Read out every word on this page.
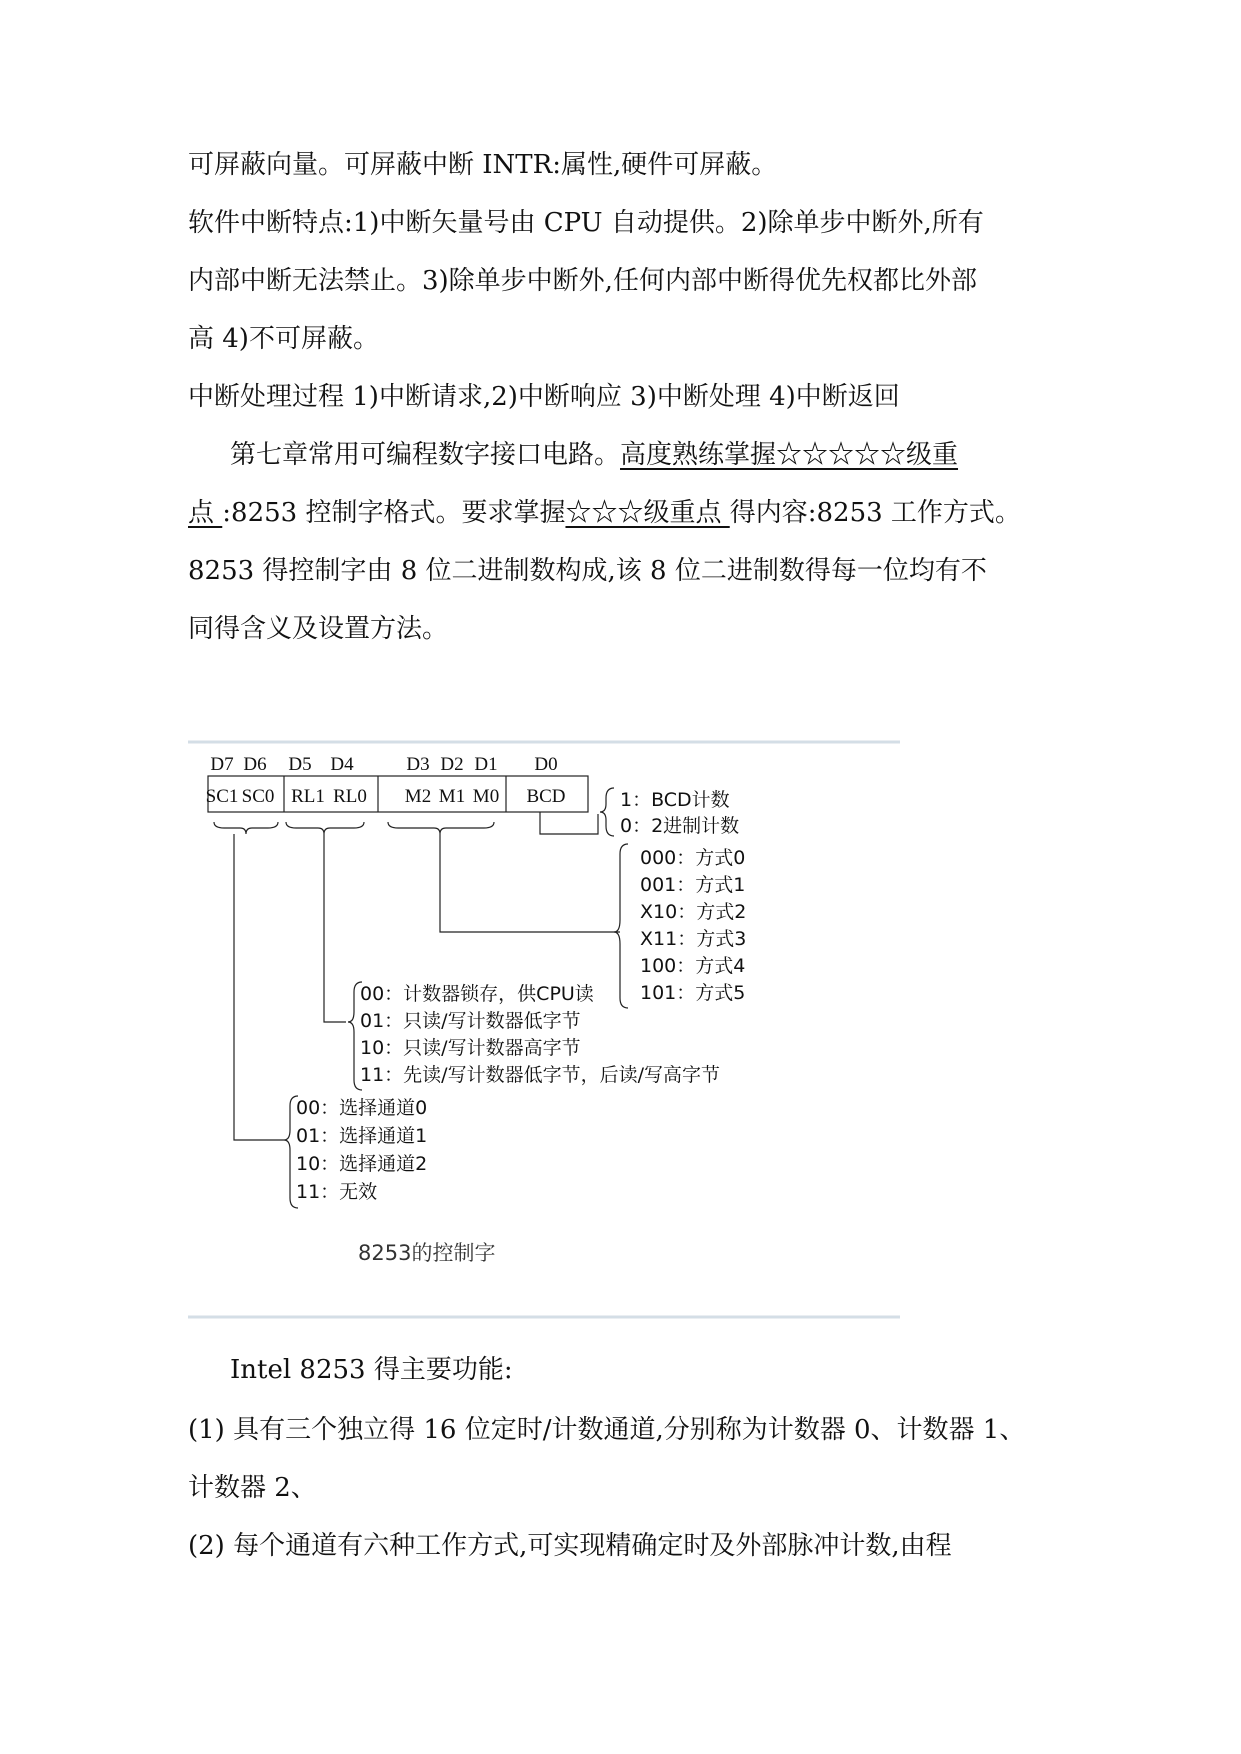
可屏蔽向量。可屏蔽中断 INTR:属性,硬件可屏蔽。
软件中断特点:1)中断矢量号由 CPU 自动提供。2)除单步中断外,所有
内部中断无法禁止。3)除单步中断外,任何内部中断得优先权都比外部
高 4)不可屏蔽。
中断处理过程 1)中断请求,2)中断响应 3)中断处理 4)中断返回
第七章常用可编程数字接口电路。高度熟练掌握☆☆☆☆☆级重
点 :8253 控制字格式。要求掌握☆☆☆级重点 得内容:8253 工作方式。
8253 得控制字由 8 位二进制数构成,该 8 位二进制数得每一位均有不
同得含义及设置方法。
D7 D6 D5 D4	D3 D2 D1 D0
SC1 SC0 RL1 RL0 M2 M1 M0 BCD	1：BCD计数
0：2进制计数
000：方式0
001：方式1
X10：方式2
X11：方式3
100：方式4
101：方式5
00：计数器锁存，供CPU读
01：只读/写计数器低字节
10：只读/写计数器高字节
11：先读/写计数器低字节，后读/写高字节
00：选择通道0
01：选择通道1
10：选择通道2
11：无效
8253的控制字
Intel 8253 得主要功能:
(1) 具有三个独立得 16 位定时/计数通道,分别称为计数器 0、计数器 1、
计数器 2、
(2) 每个通道有六种工作方式,可实现精确定时及外部脉冲计数,由程
